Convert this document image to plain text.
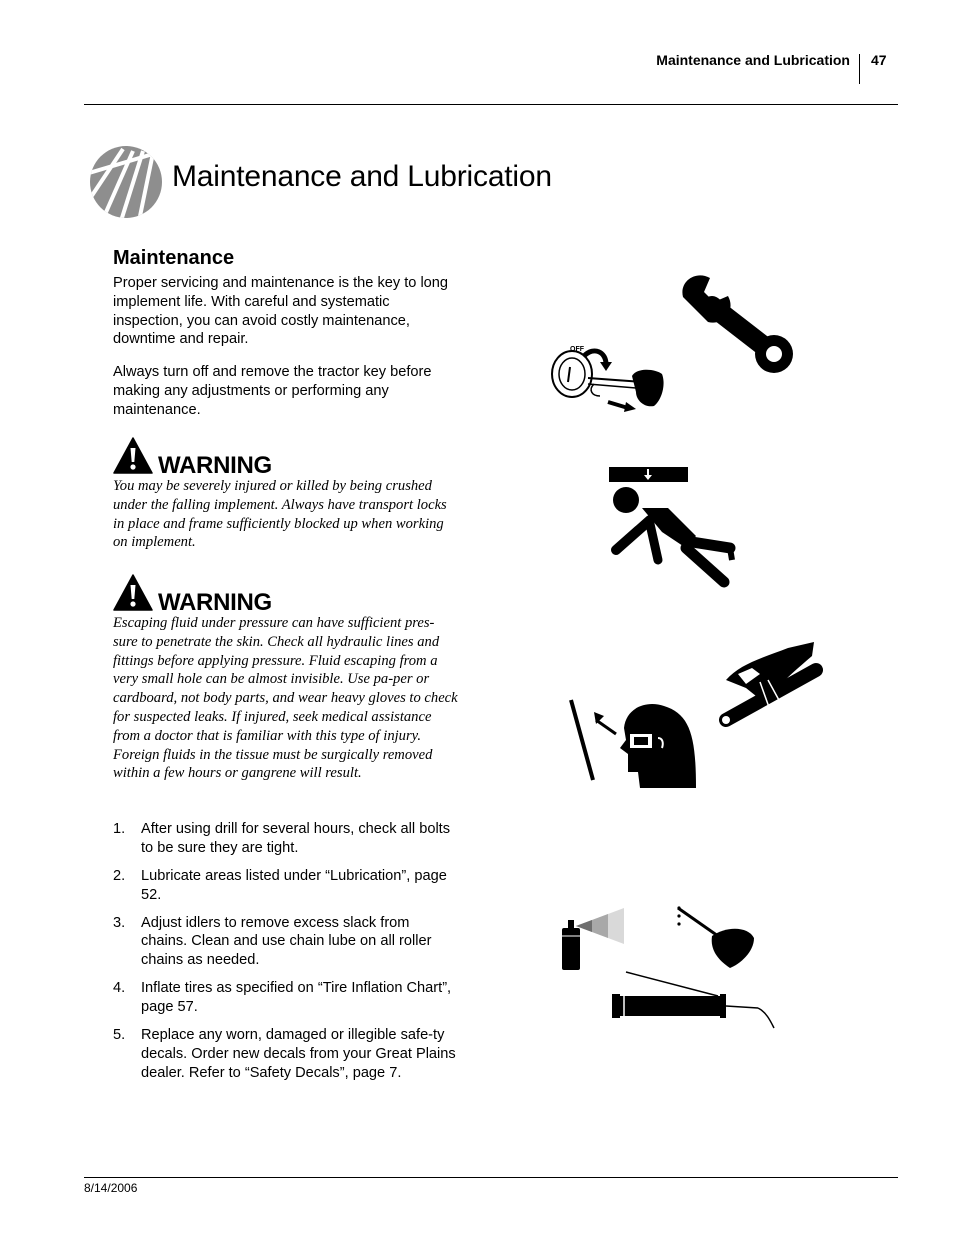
Maintenance and Lubrication 47
Maintenance and Lubrication
Maintenance
Proper servicing and maintenance is the key to long implement life. With careful and systematic inspection, you can avoid costly maintenance, downtime and repair.
Always turn off and remove the tractor key before making any adjustments or performing any maintenance.
WARNING
You may be severely injured or killed by being crushed under the falling implement. Always have transport locks in place and frame sufficiently blocked up when working on implement.
WARNING
Escaping fluid under pressure can have sufficient pres-sure to penetrate the skin. Check all hydraulic lines and fittings before applying pressure. Fluid escaping from a very small hole can be almost invisible. Use pa-per or cardboard, not body parts, and wear heavy gloves to check for suspected leaks. If injured, seek medical assistance from a doctor that is familiar with this type of injury. Foreign fluids in the tissue must be surgically removed within a few hours or gangrene will result.
1. After using drill for several hours, check all bolts to be sure they are tight.
2. Lubricate areas listed under “Lubrication”, page 52.
3. Adjust idlers to remove excess slack from chains. Clean and use chain lube on all roller chains as needed.
4. Inflate tires as specified on “Tire Inflation Chart”, page 57.
5. Replace any worn, damaged or illegible safe-ty decals. Order new decals from your Great Plains dealer. Refer to “Safety Decals”, page 7.
OFF
8/14/2006
